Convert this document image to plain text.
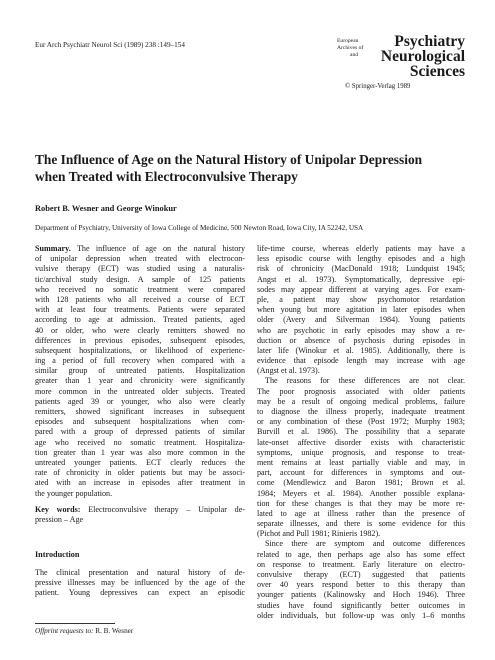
Eur Arch Psychiatr Neurol Sci (1989) 238 :149–154	European
Archives of
and
Psychiatry
Neurological
Sciences
© Springer-Verlag 1989
The Influence of Age on the Natural History of Unipolar Depression
when Treated with Electroconvulsive Therapy
Robert B. Wesner and George Winokur
Department of Psychiatry, University of Iowa College of Medicine, 500 Newton Road, Iowa City, IA 52242, USA
Summary. The influence of age on the natural history
of unipolar depression when treated with electrocon-
vulsive therapy (ECT) was studied using a naturalis-
tic/archival study design. A sample of 125 patients
who received no somatic treatment were compared
with 128 patients who all received a course of ECT
with at least four treatments. Patients were separated
according to age at admission. Treated patients, aged
40 or older, who were clearly remitters showed no
differences in previous episodes, subsequent episodes,
subsequent hospitalizations, or likelihood of experienc-
ing a period of full recovery when compared with a
similar group of untreated patients. Hospitalization
greater than 1 year and chronicity were significantly
more common in the untreated older subjects. Treated
patients aged 39 or younger, who also were clearly
remitters, showed significant increases in subsequent
episodes and subsequent hospitalizations when com-
pared with a group of depressed patients of similar
age who received no somatic treatment. Hospitaliza-
tion greater than 1 year was also more common in the
untreated younger patients. ECT clearly reduces the
rate of chronicity in older patients but may be associ-
ated with an increase in episodes after treatment in
the younger population.
Key words: Electroconvulsive therapy – Unipolar de-
pression – Age
life-time course, whereas elderly patients may have a
less episodic course with lengthy episodes and a high
risk of chronicity (MacDonald 1918; Lundquist 1945;
Angst et al. 1973). Symptomatically, depressive epi-
sodes may appear different at varying ages. For exam-
ple, a patient may show psychomotor retardation
when young but more agitation in later episodes when
older (Avery and Silverman 1984). Young patients
who are psychotic in early episodes may show a re-
duction or absence of psychosis during episodes in
later life (Winokur et al. 1985). Additionally, there is
evidence that episode length may increase with age
(Angst et al. 1973).
The reasons for these differences are not clear.
The poor prognosis associated with older patients
may be a result of ongoing medical problems, failure
to diagnose the illness properly, inadequate treatment
or any combination of these (Post 1972; Murphy 1983;
Burvill et al. 1986). The possibility that a separate
late-onset affective disorder exists with characteristic
symptoms, unique prognosis, and response to treat-
ment remains at least partially viable and may, in
part, account for differences in symptoms and out-
come (Mendlewicz and Baron 1981; Brown et al.
1984; Meyers et al. 1984). Another possible explana-
tion for these changes is that they may be more re-
lated to age at illness rather than the presence of
separate illnesses, and there is some evidence for this
(Pichot and Pull 1981; Rinieris 1982).
Since there are symptom and outcome differences
related to age, then perhaps age also has some effect
on response to treatment. Early literature on electro-
convulsive therapy (ECT) suggested that patients
over 40 years respond better to this therapy than
younger patients (Kalinowsky and Hoch 1946). Three
studies have found significantly better outcomes in
older individuals, but follow-up was only 1–6 months
Introduction
The clinical presentation and natural history of de-
pressive illnesses may be influenced by the age of the
patient. Young depressives can expect an episodic
Offprint requests to: R. B. Wesner
